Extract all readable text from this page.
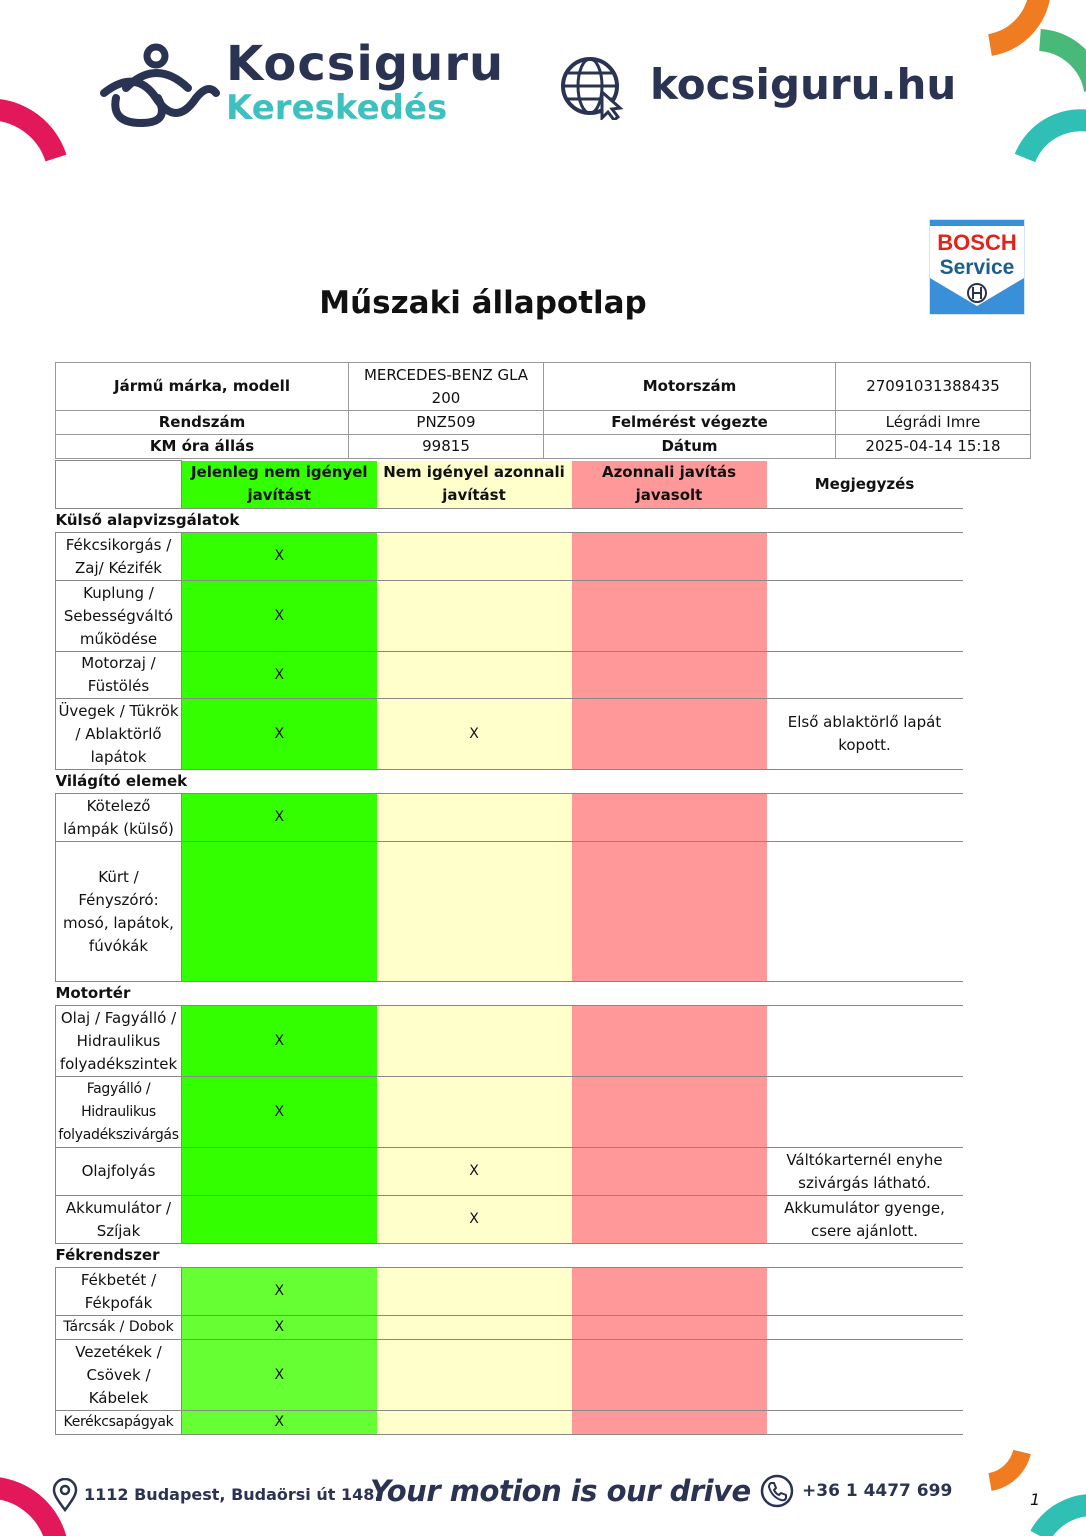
Kocsiguru
Kereskedés	kocsiguru.hu
BOSCH
Service
Műszaki állapotlap
Jármű márka, modell	MERCEDES-BENZ GLA 200	Motorszám	27091031388435
Rendszám	PNZ509	Felmérést végezte	Légrádi Imre
KM óra állás	99815	Dátum	2025-04-14 15:18
	Jelenleg nem igényel javítást	Nem igényel azonnali javítást	Azonnali javítás javasolt	Megjegyzés
Külső alapvizsgálatok				
Fékcsikorgás / Zaj/ Kézifék	X			
Kuplung / Sebességváltó működése	X			
Motorzaj / Füstölés	X			
Üvegek / Tükrök / Ablaktörlő lapátok	X	X		Első ablaktörlő lapát kopott.
Világító elemek				
Kötelező lámpák (külső)	X			
Kürt / Fényszóró: mosó, lapátok, fúvókák				
Motortér				
Olaj / Fagyálló / Hidraulikus folyadékszintek	X			
Fagyálló / Hidraulikus folyadékszivárgás	X			
Olajfolyás		X		Váltókarternél enyhe szivárgás látható.
Akkumulátor / Szíjak		X		Akkumulátor gyenge, csere ajánlott.
Fékrendszer				
Fékbetét / Fékpofák	X			
Tárcsák / Dobok	X			
Vezetékek / Csövek / Kábelek	X			
Kerékcsapágyak	X			
1112 Budapest, Budaörsi út 148.
Your motion is our drive	+36 1 4477 699	1
